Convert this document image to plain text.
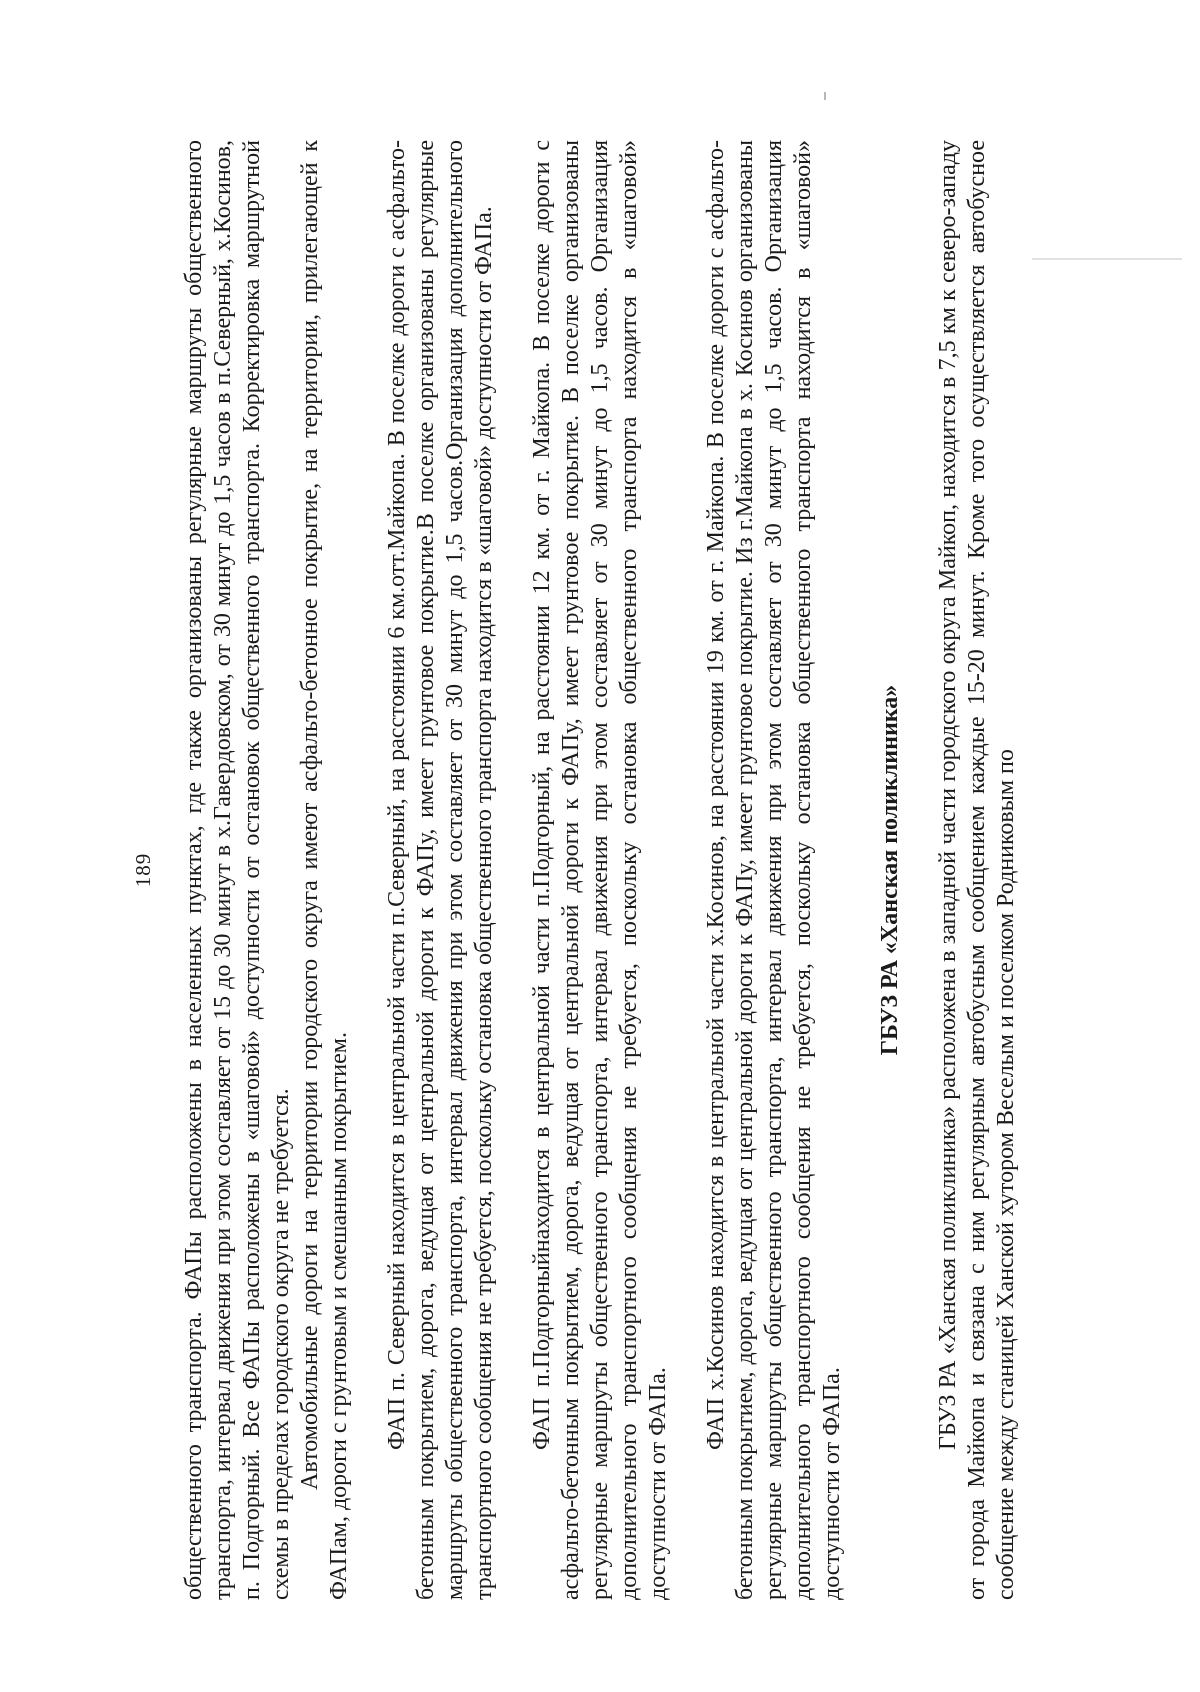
189 общественного транспорта. ФАПы расположены в населенных пунктах, где также организованы регулярные маршруты общественного транспорта, интервал движения при этом составляет от 15 до 30 минут в х.Гавердовском, от 30 минут до 1,5 часов в п.Северный, х.Косинов, п. Подгорный. Все ФАПы расположены в «шаговой» доступности от остановок общественного транспорта. Корректировка маршрутной схемы в пределах городского округа не требуется. Автомобильные дороги на территории городского округа имеют асфальто-бетонное покрытие, на территории, прилегающей к ФАПам, дороги с грунтовым и смешанным покрытием. ФАП п. Северный находится в центральной части п.Северный, на расстоянии 6 км.отт.Майкопа. В поселке дороги с асфальто-бетонным покрытием, дорога, ведущая от центральной дороги к ФАПу, имеет грунтовое покрытие.В поселке организованы регулярные маршруты общественного транспорта, интервал движения при этом составляет от 30 минут до 1,5 часов.Организация дополнительного транспортного сообщения не требуется, поскольку остановка общественного транспорта находится в «шаговой» доступности от ФАПа. ФАП п.Подгорныйнаходится в центральной части п.Подгорный, на расстоянии 12 км. от г. Майкопа. В поселке дороги с асфальто-бетонным покрытием, дорога, ведущая от центральной дороги к ФАПу, имеет грунтовое покрытие. В поселке организованы регулярные маршруты общественного транспорта, интервал движения при этом составляет от 30 минут до 1,5 часов. Организация дополнительного транспортного сообщения не требуется, поскольку остановка общественного транспорта находится в «шаговой» доступности от ФАПа.

ФАП х.Косинов находится в центральной части х.Косинов, на расстоянии 19 км. от г. Майкопа. В поселке дороги с асфальто-бетонным покрытием, дорога, ведущая от центральной дороги к ФАПу, имеет грунтовое покрытие. Из г.Майкопа в х. Косинов организованы регулярные маршруты общественного транспорта, интервал движения при этом составляет от 30 минут до 1,5 часов. Организация дополнительного транспортного сообщения не требуется, поскольку остановка общественного транспорта находится в «шаговой» доступности от ФАПа.

ГБУЗ РА «Ханская поликлиника» ГБУЗ РА «Ханская поликлиника» расположена в западной части городского округа Майкоп, находится в 7,5 км к северо-западу от города Майкопа и связана с ним регулярным автобусным сообщением каждые 15-20 минут. Кроме того осуществляется автобусное сообщение между станицей Ханской хутором Веселым и поселком Родниковым по
